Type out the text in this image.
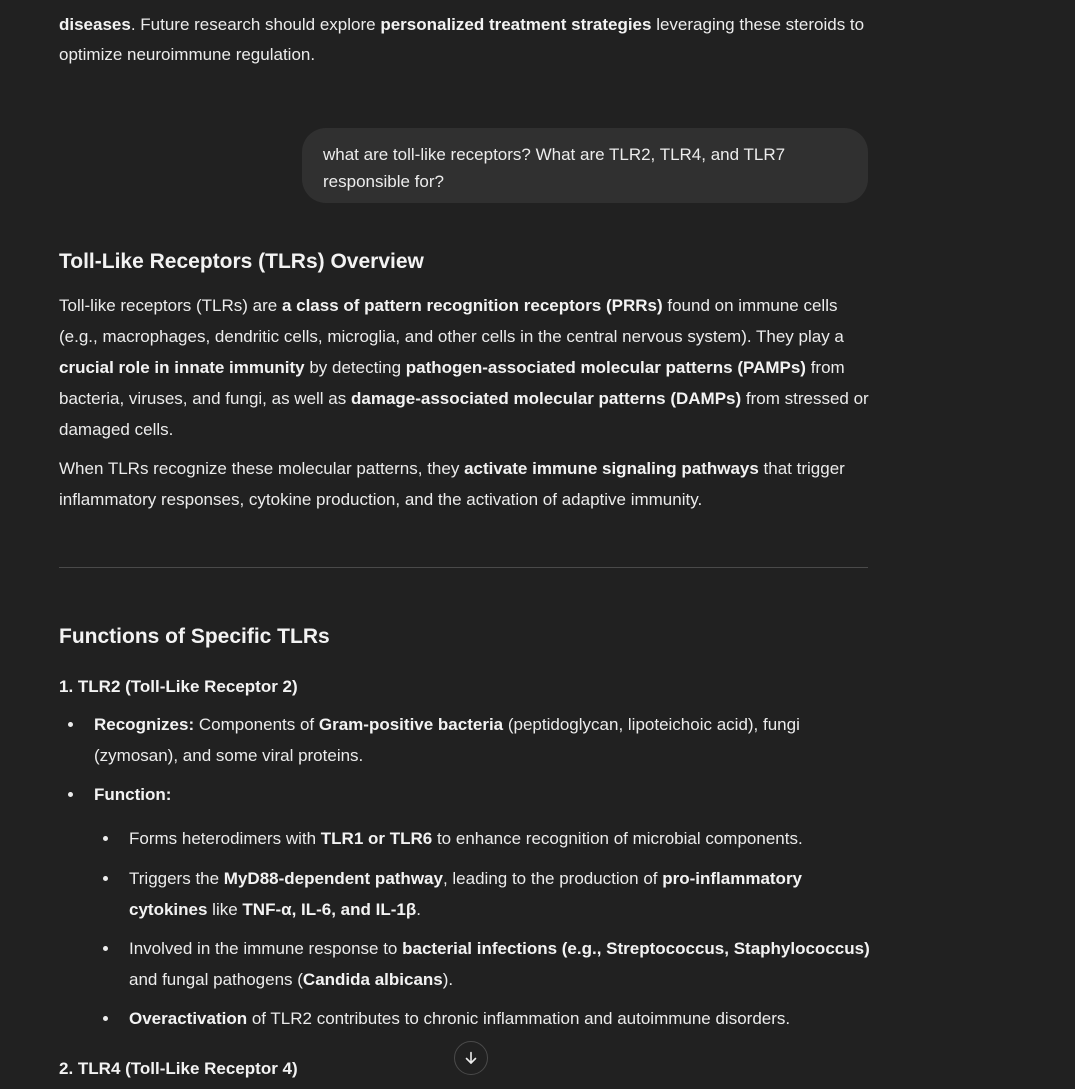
diseases. Future research should explore personalized treatment strategies leveraging these steroids to optimize neuroimmune regulation.
what are toll-like receptors? What are TLR2, TLR4, and TLR7 responsible for?
Toll-Like Receptors (TLRs) Overview

Toll-like receptors (TLRs) are a class of pattern recognition receptors (PRRs) found on immune cells (e.g., macrophages, dendritic cells, microglia, and other cells in the central nervous system). They play a crucial role in innate immunity by detecting pathogen-associated molecular patterns (PAMPs) from bacteria, viruses, and fungi, as well as damage-associated molecular patterns (DAMPs) from stressed or damaged cells.

When TLRs recognize these molecular patterns, they activate immune signaling pathways that trigger inflammatory responses, cytokine production, and the activation of adaptive immunity.

Functions of Specific TLRs
1. TLR2 (Toll-Like Receptor 2)
Recognizes: Components of Gram-positive bacteria (peptidoglycan, lipoteichoic acid), fungi (zymosan), and some viral proteins.
Function:
Forms heterodimers with TLR1 or TLR6 to enhance recognition of microbial components.
Triggers the MyD88-dependent pathway, leading to the production of pro-inflammatory cytokines like TNF-α, IL-6, and IL-1β.
Involved in the immune response to bacterial infections (e.g., Streptococcus, Staphylococcus) and fungal pathogens (Candida albicans).
Overactivation of TLR2 contributes to chronic inflammation and autoimmune disorders.
2. TLR4 (Toll-Like Receptor 4)
